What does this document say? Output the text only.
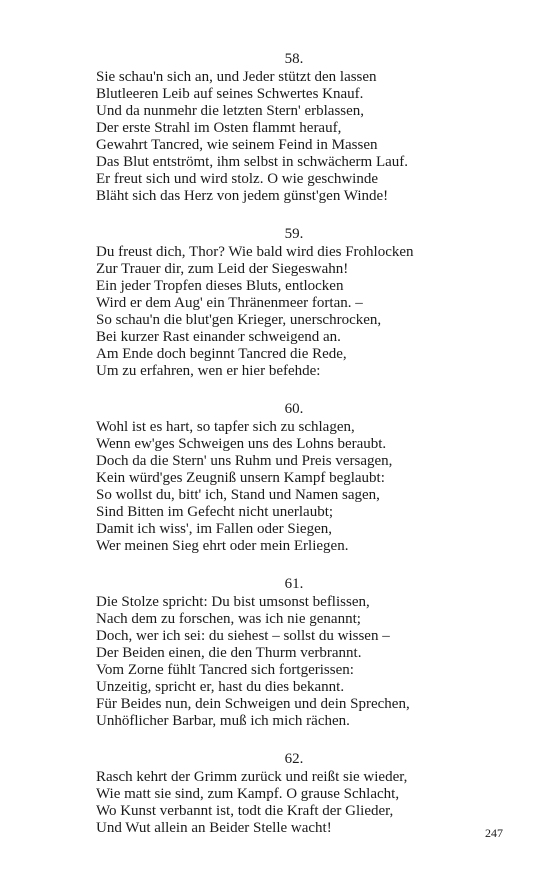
58.
Sie schau'n sich an, und Jeder stützt den lassen
Blutleeren Leib auf seines Schwertes Knauf.
Und da nunmehr die letzten Stern' erblassen,
Der erste Strahl im Osten flammt herauf,
Gewahrt Tancred, wie seinem Feind in Massen
Das Blut entströmt, ihm selbst in schwächerm Lauf.
Er freut sich und wird stolz. O wie geschwinde
Bläht sich das Herz von jedem günst'gen Winde!
59.
Du freust dich, Thor? Wie bald wird dies Frohlocken
Zur Trauer dir, zum Leid der Siegeswahn!
Ein jeder Tropfen dieses Bluts, entlocken
Wird er dem Aug' ein Thränenmeer fortan. –
So schau'n die blut'gen Krieger, unerschrocken,
Bei kurzer Rast einander schweigend an.
Am Ende doch beginnt Tancred die Rede,
Um zu erfahren, wen er hier befehde:
60.
Wohl ist es hart, so tapfer sich zu schlagen,
Wenn ew'ges Schweigen uns des Lohns beraubt.
Doch da die Stern' uns Ruhm und Preis versagen,
Kein würd'ges Zeugniß unsern Kampf beglaubt:
So wollst du, bitt' ich, Stand und Namen sagen,
Sind Bitten im Gefecht nicht unerlaubt;
Damit ich wiss', im Fallen oder Siegen,
Wer meinen Sieg ehrt oder mein Erliegen.
61.
Die Stolze spricht: Du bist umsonst beflissen,
Nach dem zu forschen, was ich nie genannt;
Doch, wer ich sei: du siehest – sollst du wissen –
Der Beiden einen, die den Thurm verbrannt.
Vom Zorne fühlt Tancred sich fortgerissen:
Unzeitig, spricht er, hast du dies bekannt.
Für Beides nun, dein Schweigen und dein Sprechen,
Unhöflicher Barbar, muß ich mich rächen.
62.
Rasch kehrt der Grimm zurück und reißt sie wieder,
Wie matt sie sind, zum Kampf. O grause Schlacht,
Wo Kunst verbannt ist, todt die Kraft der Glieder,
Und Wut allein an Beider Stelle wacht!	247
